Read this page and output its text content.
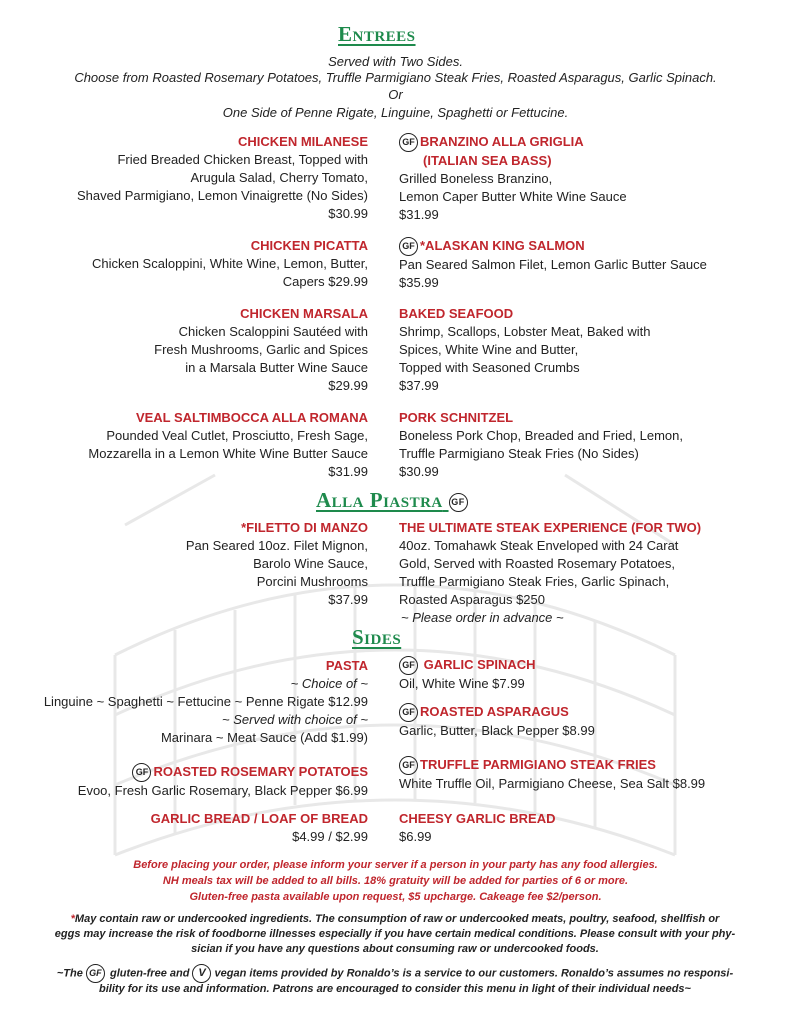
Entrees
Served with Two Sides.
Choose from Roasted Rosemary Potatoes, Truffle Parmigiano Steak Fries, Roasted Asparagus, Garlic Spinach.
Or
One Side of Penne Rigate, Linguine, Spaghetti or Fettucine.
CHICKEN MILANESE
Fried Breaded Chicken Breast, Topped with
Arugula Salad, Cherry Tomato,
Shaved Parmigiano, Lemon Vinaigrette (No Sides)
$30.99
CHICKEN PICATTA
Chicken Scaloppini, White Wine, Lemon, Butter,
Capers $29.99
CHICKEN MARSALA
Chicken Scaloppini Sautéed with
Fresh Mushrooms, Garlic and Spices
in a Marsala Butter Wine Sauce
$29.99
VEAL SALTIMBOCCA ALLA ROMANA
Pounded Veal Cutlet, Prosciutto, Fresh Sage,
Mozzarella in a Lemon White Wine Butter Sauce
$31.99
GF BRANZINO ALLA GRIGLIA
(ITALIAN SEA BASS)
Grilled Boneless Branzino,
Lemon Caper Butter White Wine Sauce
$31.99
GF *ALASKAN KING SALMON
Pan Seared Salmon Filet, Lemon Garlic Butter Sauce
$35.99
BAKED SEAFOOD
Shrimp, Scallops, Lobster Meat, Baked with
Spices, White Wine and Butter,
Topped with Seasoned Crumbs
$37.99
PORK SCHNITZEL
Boneless Pork Chop, Breaded and Fried, Lemon,
Truffle Parmigiano Steak Fries (No Sides)
$30.99
Alla Piastra GF
*FILETTO DI MANZO
Pan Seared 10oz. Filet Mignon,
Barolo Wine Sauce,
Porcini Mushrooms
$37.99
THE ULTIMATE STEAK EXPERIENCE (FOR TWO)
40oz. Tomahawk Steak Enveloped with 24 Carat
Gold, Served with Roasted Rosemary Potatoes,
Truffle Parmigiano Steak Fries, Garlic Spinach,
Roasted Asparagus $250
~ Please order in advance ~
Sides
PASTA
~ Choice of ~
Linguine ~ Spaghetti ~ Fettucine ~ Penne Rigate $12.99
~ Served with choice of ~
Marinara ~ Meat Sauce (Add $1.99)
GF ROASTED ROSEMARY POTATOES
Evoo, Fresh Garlic Rosemary, Black Pepper $6.99
GARLIC BREAD / LOAF OF BREAD
$4.99 / $2.99
GF GARLIC SPINACH
Oil, White Wine $7.99
GF ROASTED ASPARAGUS
Garlic, Butter, Black Pepper $8.99
GF TRUFFLE PARMIGIANO STEAK FRIES
White Truffle Oil, Parmigiano Cheese, Sea Salt $8.99
CHEESY GARLIC BREAD
$6.99
Before placing your order, please inform your server if a person in your party has any food allergies.
NH meals tax will be added to all bills. 18% gratuity will be added for parties of 6 or more.
Gluten-free pasta available upon request, $5 upcharge. Cakeage fee $2/person.
*May contain raw or undercooked ingredients. The consumption of raw or undercooked meats, poultry, seafood, shellfish or
eggs may increase the risk of foodborne illnesses especially if you have certain medical conditions. Please consult with your phy-
sician if you have any questions about consuming raw or undercooked foods.
~The GF gluten-free and V vegan items provided by Ronaldo’s is a service to our customers. Ronaldo’s assumes no responsi-
bility for its use and information. Patrons are encouraged to consider this menu in light of their individual needs~
